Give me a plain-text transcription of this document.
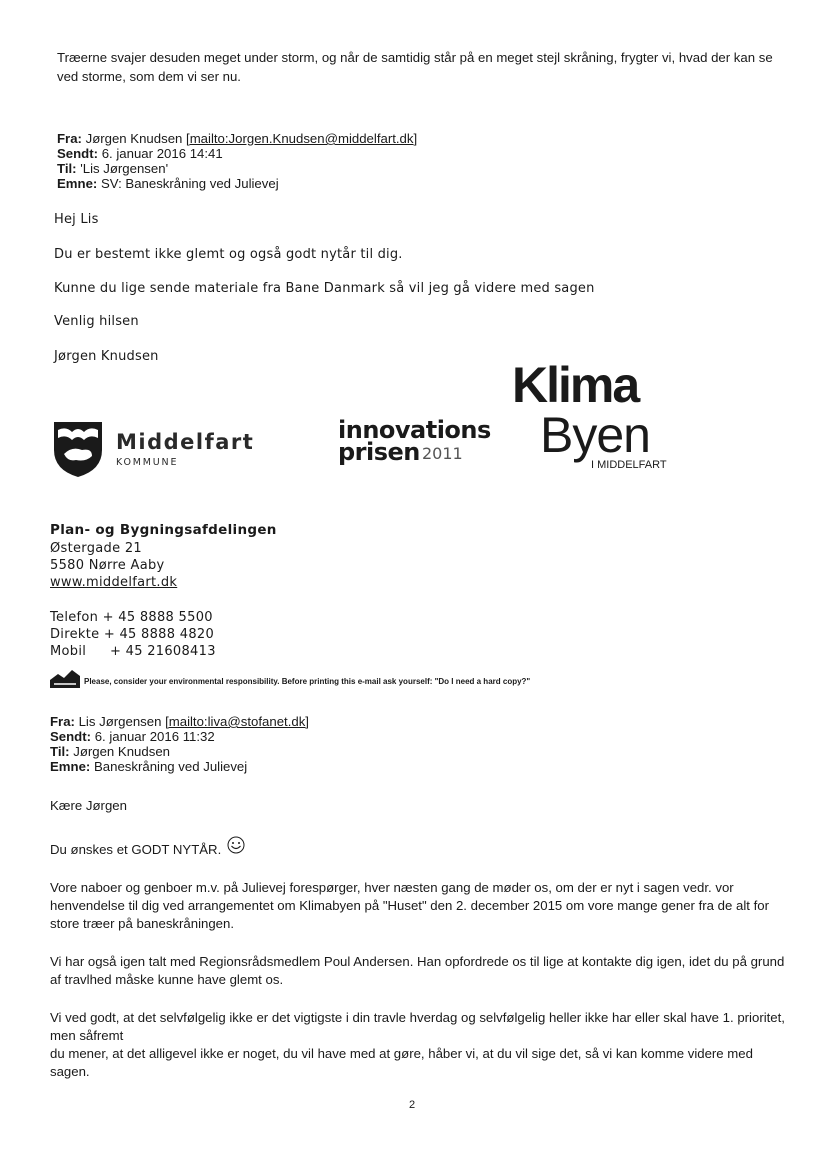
Træerne svajer desuden meget under storm, og når de samtidig står på en meget stejl skråning, frygter vi, hvad der kan se ved storme, som dem vi ser nu.
Fra: Jørgen Knudsen [mailto:Jorgen.Knudsen@middelfart.dk]
Sendt: 6. januar 2016 14:41
Til: 'Lis Jørgensen'
Emne: SV: Baneskråning ved Julievej
Hej Lis
Du er bestemt ikke glemt og også godt nytår til dig.
Kunne du lige sende materiale fra Bane Danmark så vil jeg gå videre med sagen
Venlig hilsen
Jørgen Knudsen
Middelfart
KOMMUNE
innovations
prisen 2011
Klima
Byen
I MIDDELFART
Plan- og Bygningsafdelingen
Østergade 21
5580 Nørre Aaby
www.middelfart.dk
Telefon + 45 8888 5500
Direkte + 45 8888 4820
Mobil + 45 21608413
Please, consider your environmental responsibility. Before printing this e-mail ask yourself: "Do I need a hard copy?"
Fra: Lis Jørgensen [mailto:liva@stofanet.dk]
Sendt: 6. januar 2016 11:32
Til: Jørgen Knudsen
Emne: Baneskråning ved Julievej
Kære Jørgen
Du ønskes et GODT NYTÅR.
Vore naboer og genboer m.v. på Julievej forespørger, hver næsten gang de møder os, om der er nyt i sagen vedr. vor henvendelse til dig ved arrangementet om Klimabyen på "Huset" den 2. december 2015 om vore mange gener fra de alt for store træer på baneskråningen.
Vi har også igen talt med Regionsrådsmedlem Poul Andersen. Han opfordrede os til lige at kontakte dig igen, idet du på grund af travlhed måske kunne have glemt os.
Vi ved godt, at det selvfølgelig ikke er det vigtigste i din travle hverdag og selvfølgelig heller ikke har eller skal have 1. prioritet, men såfremt
du mener, at det alligevel ikke er noget, du vil have med at gøre, håber vi, at du vil sige det, så vi kan komme videre med sagen.
2
